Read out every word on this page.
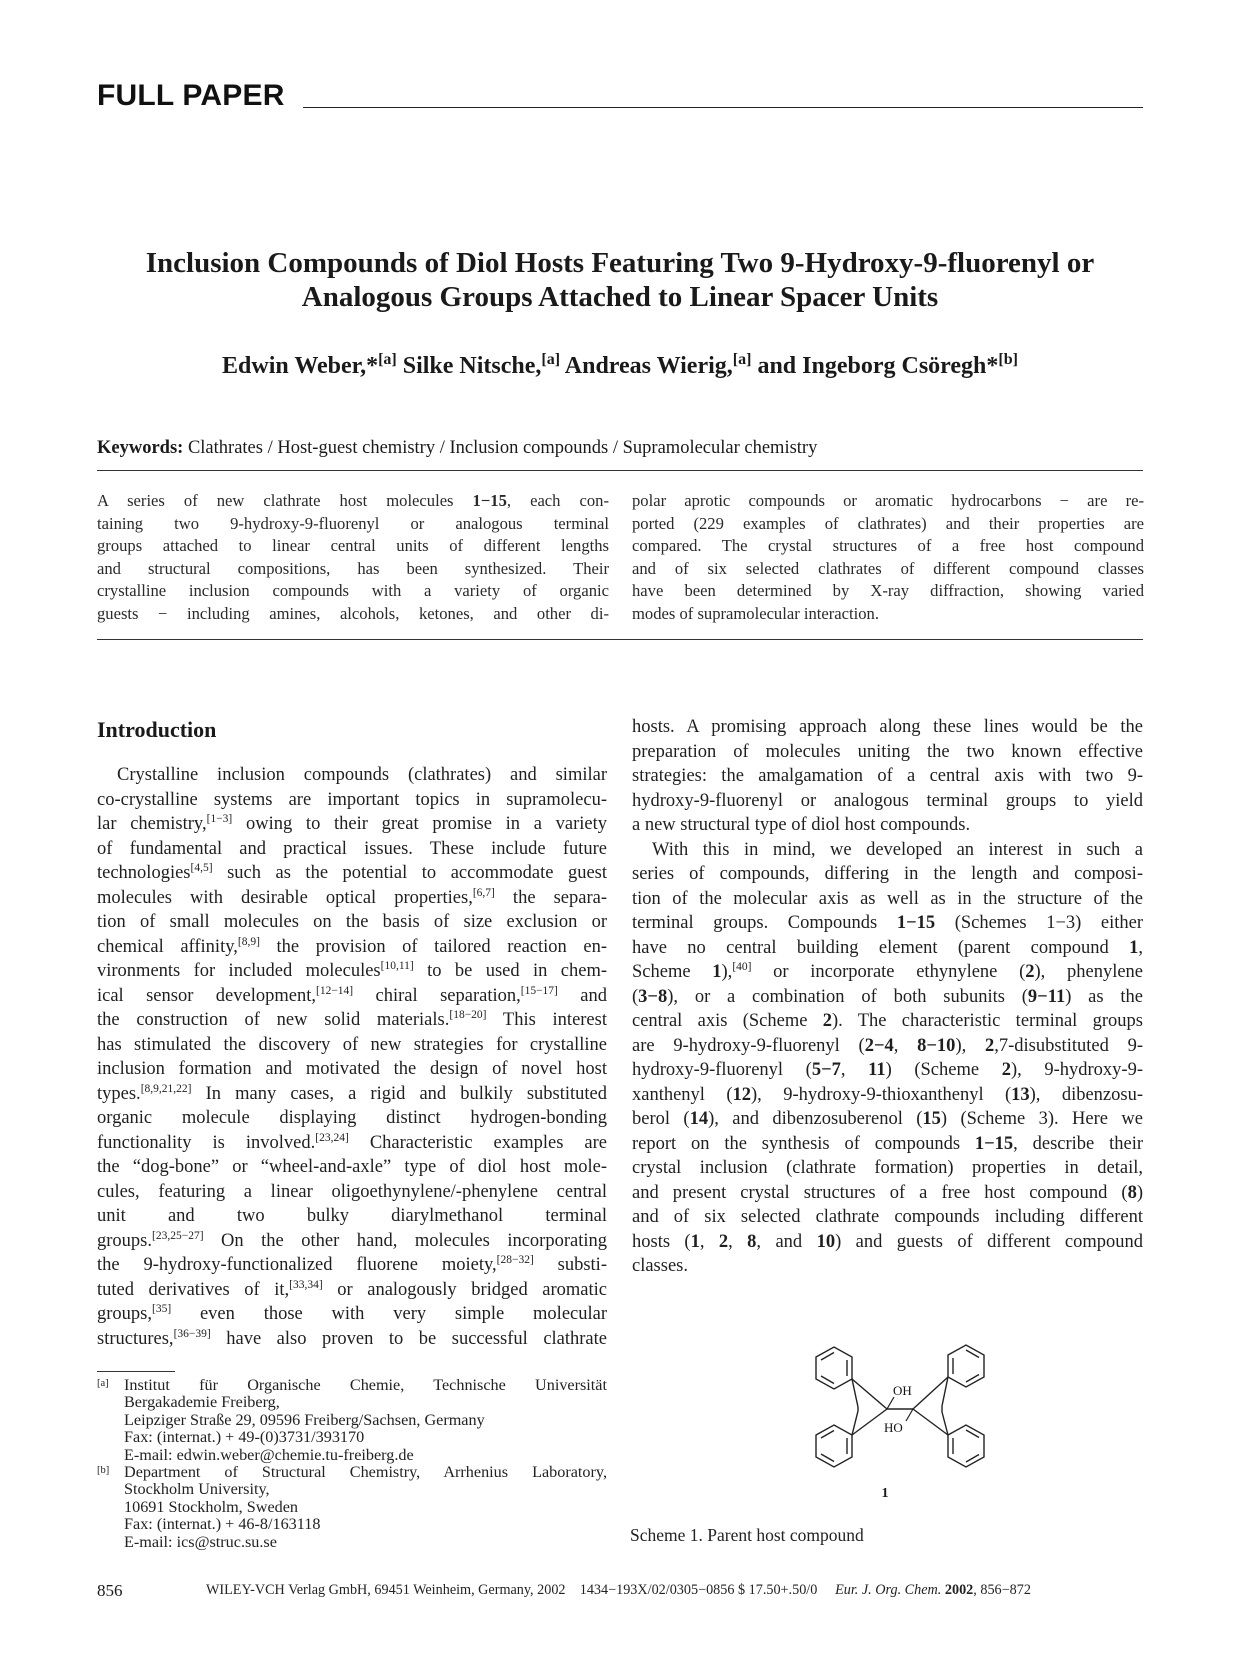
FULL PAPER
Inclusion Compounds of Diol Hosts Featuring Two 9-Hydroxy-9-fluorenyl or
Analogous Groups Attached to Linear Spacer Units
Edwin Weber,*[a] Silke Nitsche,[a] Andreas Wierig,[a] and Ingeborg Csöregh*[b]
Keywords: Clathrates / Host-guest chemistry / Inclusion compounds / Supramolecular chemistry
A series of new clathrate host molecules 1−15, each con-
taining two 9-hydroxy-9-fluorenyl or analogous terminal
groups attached to linear central units of different lengths
and structural compositions, has been synthesized. Their
crystalline inclusion compounds with a variety of organic
guests − including amines, alcohols, ketones, and other di-
polar aprotic compounds or aromatic hydrocarbons − are re-
ported (229 examples of clathrates) and their properties are
compared. The crystal structures of a free host compound
and of six selected clathrates of different compound classes
have been determined by X-ray diffraction, showing varied
modes of supramolecular interaction.
Introduction
Crystalline inclusion compounds (clathrates) and similar
co-crystalline systems are important topics in supramolecu-
lar chemistry,[1−3] owing to their great promise in a variety
of fundamental and practical issues. These include future
technologies[4,5] such as the potential to accommodate guest
molecules with desirable optical properties,[6,7] the separa-
tion of small molecules on the basis of size exclusion or
chemical affinity,[8,9] the provision of tailored reaction en-
vironments for included molecules[10,11] to be used in chem-
ical sensor development,[12−14] chiral separation,[15−17] and
the construction of new solid materials.[18−20] This interest
has stimulated the discovery of new strategies for crystalline
inclusion formation and motivated the design of novel host
types.[8,9,21,22] In many cases, a rigid and bulkily substituted
organic molecule displaying distinct hydrogen-bonding
functionality is involved.[23,24] Characteristic examples are
the “dog-bone” or “wheel-and-axle” type of diol host mole-
cules, featuring a linear oligoethynylene/-phenylene central
unit and two bulky diarylmethanol terminal
groups.[23,25−27] On the other hand, molecules incorporating
the 9-hydroxy-functionalized fluorene moiety,[28−32] substi-
tuted derivatives of it,[33,34] or analogously bridged aromatic
groups,[35] even those with very simple molecular
structures,[36−39] have also proven to be successful clathrate
hosts. A promising approach along these lines would be the
preparation of molecules uniting the two known effective
strategies: the amalgamation of a central axis with two 9-
hydroxy-9-fluorenyl or analogous terminal groups to yield
a new structural type of diol host compounds.
With this in mind, we developed an interest in such a
series of compounds, differing in the length and composi-
tion of the molecular axis as well as in the structure of the
terminal groups. Compounds 1−15 (Schemes 1−3) either
have no central building element (parent compound 1,
Scheme 1),[40] or incorporate ethynylene (2), phenylene
(3−8), or a combination of both subunits (9−11) as the
central axis (Scheme 2). The characteristic terminal groups
are 9-hydroxy-9-fluorenyl (2−4, 8−10), 2,7-disubstituted 9-
hydroxy-9-fluorenyl (5−7, 11) (Scheme 2), 9-hydroxy-9-
xanthenyl (12), 9-hydroxy-9-thioxanthenyl (13), dibenzosu-
berol (14), and dibenzosuberenol (15) (Scheme 3). Here we
report on the synthesis of compounds 1−15, describe their
crystal inclusion (clathrate formation) properties in detail,
and present crystal structures of a free host compound (8)
and of six selected clathrate compounds including different
hosts (1, 2, 8, and 10) and guests of different compound
classes.
[a] Institut für Organische Chemie, Technische Universität
Bergakademie Freiberg,
Leipziger Straße 29, 09596 Freiberg/Sachsen, Germany
Fax: (internat.) + 49-(0)3731/393170
E-mail: edwin.weber@chemie.tu-freiberg.de
[b] Department of Structural Chemistry, Arrhenius Laboratory,
Stockholm University,
10691 Stockholm, Sweden
Fax: (internat.) + 46-8/163118
E-mail: ics@struc.su.se
OH
HO
1
Scheme 1. Parent host compound
856	WILEY-VCH Verlag GmbH, 69451 Weinheim, Germany, 2002 1434−193X/02/0305−0856 $ 17.50+.50/0 Eur. J. Org. Chem. 2002, 856−872
